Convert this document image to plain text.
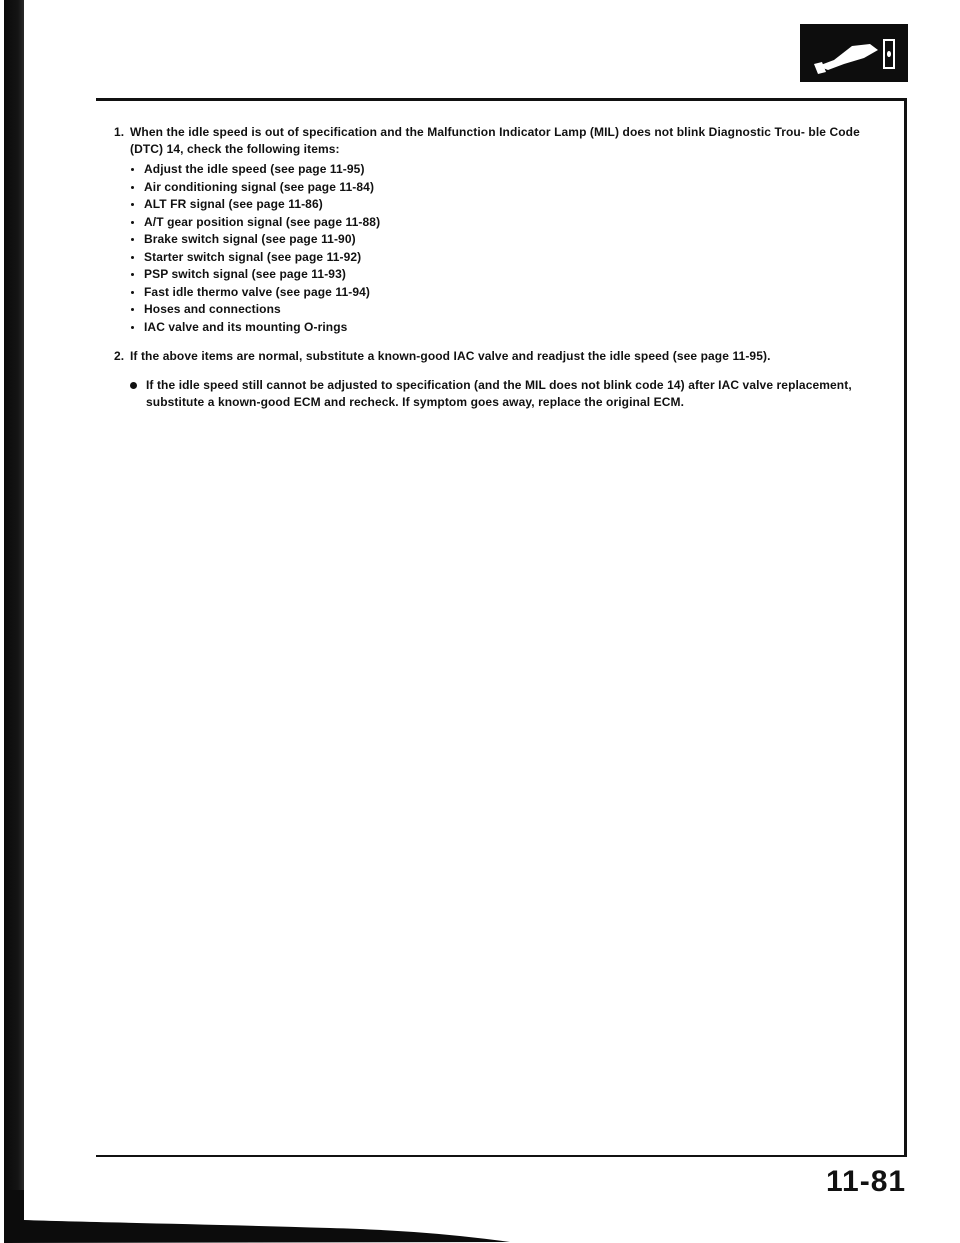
1. When the idle speed is out of specification and the Malfunction Indicator Lamp (MIL) does not blink Diagnostic Trou- ble Code (DTC) 14, check the following items:

Adjust the idle speed (see page 11-95)
Air conditioning signal (see page 11-84)
ALT FR signal (see page 11-86)
A/T gear position signal (see page 11-88)
Brake switch signal (see page 11-90)
Starter switch signal (see page 11-92)
PSP switch signal (see page 11-93)
Fast idle thermo valve (see page 11-94)
Hoses and connections
IAC valve and its mounting O-rings
2. If the above items are normal, substitute a known-good IAC valve and readjust the idle speed (see page 11-95).

If the idle speed still cannot be adjusted to specification (and the MIL does not blink code 14) after IAC valve replacement, substitute a known-good ECM and recheck. If symptom goes away, replace the original ECM.

11-81
